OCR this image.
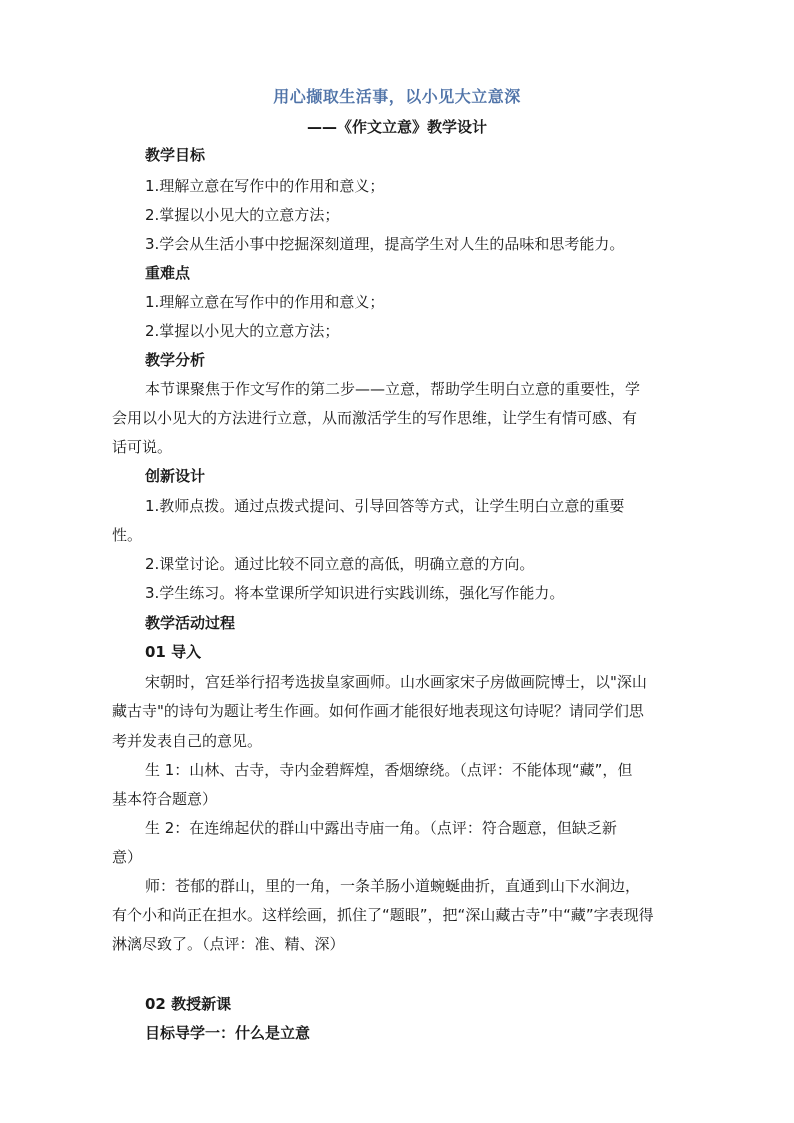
用心撷取生活事，以小见大立意深
——《作文立意》教学设计
教学目标
1.理解立意在写作中的作用和意义；
2.掌握以小见大的立意方法；
3.学会从生活小事中挖掘深刻道理，提高学生对人生的品味和思考能力。
重难点
1.理解立意在写作中的作用和意义；
2.掌握以小见大的立意方法；
教学分析
本节课聚焦于作文写作的第二步——立意，帮助学生明白立意的重要性，学
会用以小见大的方法进行立意，从而激活学生的写作思维，让学生有情可感、有
话可说。
创新设计
1.教师点拨。通过点拨式提问、引导回答等方式，让学生明白立意的重要
性。
2.课堂讨论。通过比较不同立意的高低，明确立意的方向。
3.学生练习。将本堂课所学知识进行实践训练，强化写作能力。
教学活动过程
01 导入
宋朝时，宫廷举行招考选拔皇家画师。山水画家宋子房做画院博士，以"深山
藏古寺"的诗句为题让考生作画。如何作画才能很好地表现这句诗呢？请同学们思
考并发表自己的意见。
生 1：山林、古寺，寺内金碧辉煌，香烟缭绕。（点评：不能体现“藏”，但
基本符合题意）
生 2：在连绵起伏的群山中露出寺庙一角。（点评：符合题意，但缺乏新
意）
师：苍郁的群山，里的一角，一条羊肠小道蜿蜒曲折，直通到山下水涧边，
有个小和尚正在担水。这样绘画，抓住了“题眼”，把“深山藏古寺”中“藏”字表现得
淋漓尽致了。（点评：准、精、深）
02 教授新课
目标导学一：什么是立意
